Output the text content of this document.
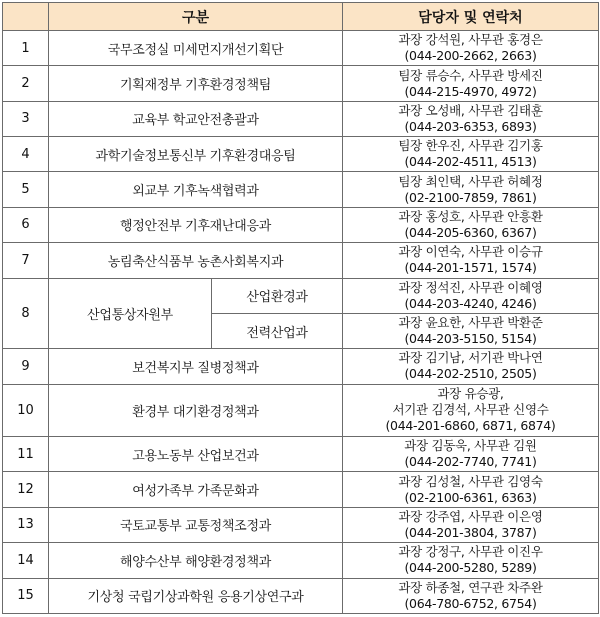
	구분		담당자 및 연락처
1	국무조정실 미세먼지개선기획단		과장 강석원, 사무관 홍경은
(044-200-2662, 2663)

2	기획재정부 기후환경정책팀		팀장 류승수, 사무관 방세진
(044-215-4970, 4972)

3	교육부 학교안전총괄과		과장 오성배, 사무관 김태훈
(044-203-6353, 6893)

4	과학기술정보통신부 기후환경대응팀		팀장 한우진, 사무관 김기홍
(044-202-4511, 4513)

5	외교부 기후녹색협력과		팀장 최인택, 사무관 허혜정
(02-2100-7859, 7861)

6	행정안전부 기후재난대응과		과장 홍성호, 사무관 안흥환
(044-205-6360, 6367)

7	농림축산식품부 농촌사회복지과		과장 이연숙, 사무관 이승규
(044-201-1571, 1574)

8	산업통상자원부	산업환경과	과장 정석진, 사무관 이혜영
(044-203-4240, 4246)

		전력산업과	과장 윤요한, 사무관 박환준
(044-203-5150, 5154)

9	보건복지부 질병정책과		과장 김기남, 서기관 박나연
(044-202-2510, 2505)

10	환경부 대기환경정책과		과장 유승광,
서기관 김경석, 사무관 신영수
(044-201-6860, 6871, 6874)

11	고용노동부 산업보건과		과장 김동욱, 사무관 김원
(044-202-7740, 7741)

12	여성가족부 가족문화과		과장 김성철, 사무관 김영숙
(02-2100-6361, 6363)

13	국토교통부 교통정책조정과		과장 강주엽, 사무관 이은영
(044-201-3804, 3787)

14	해양수산부 해양환경정책과		과장 강정구, 사무관 이진우
(044-200-5280, 5289)

15	기상청 국립기상과학원 응용기상연구과		과장 하종철, 연구관 차주완
(064-780-6752, 6754)
